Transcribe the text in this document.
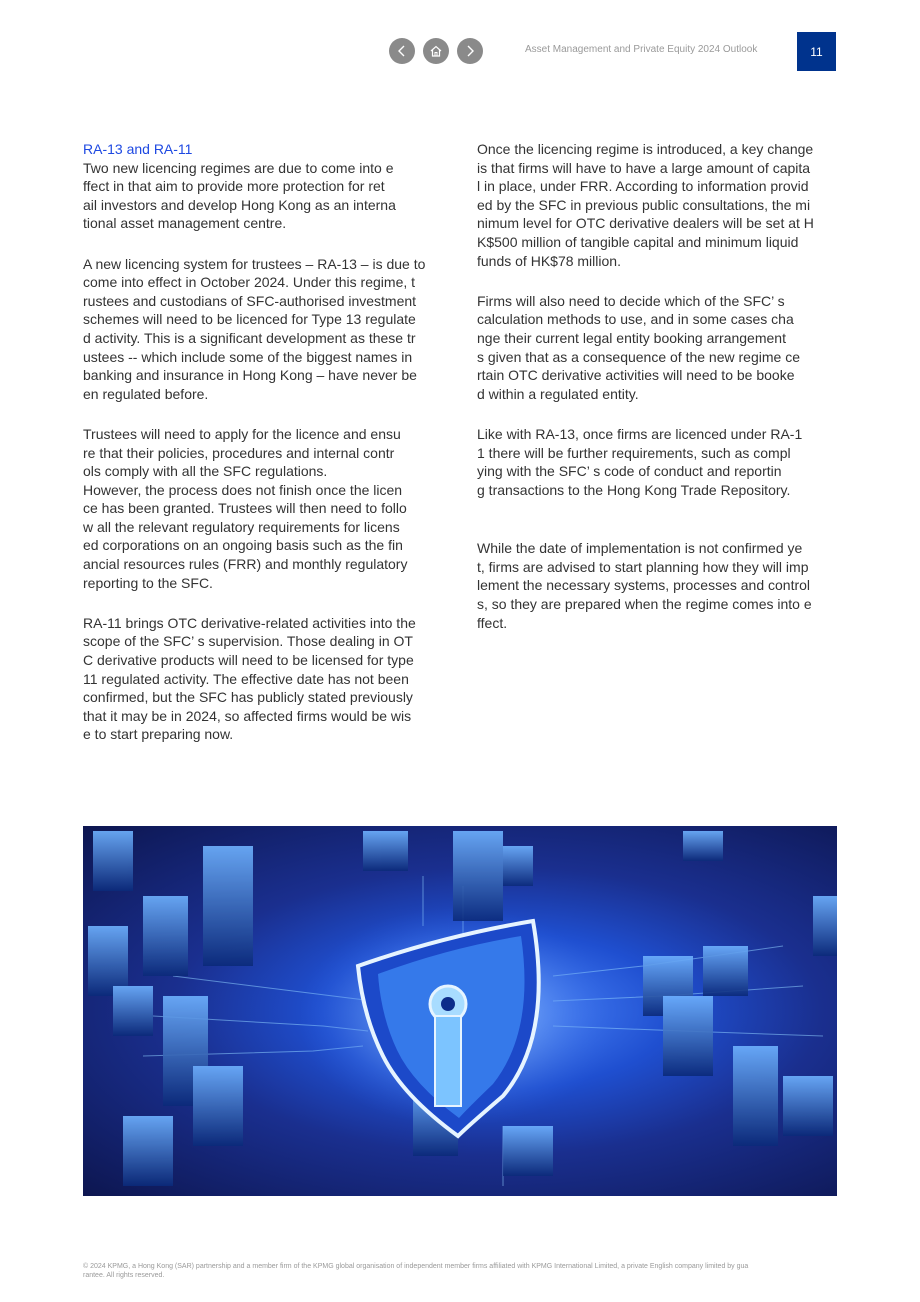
Asset Management and Private Equity 2024 Outlook	11

RA-13 and RA-11

Two new licencing regimes are due to come into e
ffect in that aim to provide more protection for ret
ail investors and develop Hong Kong as an interna
tional asset management centre.

A new licencing system for trustees – RA-13 – is due to
come into effect in October 2024. Under this regime, t
rustees and custodians of SFC-authorised investment
schemes will need to be licenced for Type 13 regulate
d activity. This is a significant development as these tr
ustees -- which include some of the biggest names in
banking and insurance in Hong Kong – have never be
en regulated before.

Trustees will need to apply for the licence and ensu
re that their policies, procedures and internal contr
ols comply with all the SFC regulations.
However, the process does not finish once the licen
ce has been granted. Trustees will then need to follo
w all the relevant regulatory requirements for licens
ed corporations on an ongoing basis such as the fin
ancial resources rules (FRR) and monthly regulatory
reporting to the SFC.

RA-11 brings OTC derivative-related activities into the
scope of the SFC’ s supervision. Those dealing in OT
C derivative products will need to be licensed for type
11 regulated activity. The effective date has not been
confirmed, but the SFC has publicly stated previously
that it may be in 2024, so affected firms would be wis
e to start preparing now.

Once the licencing regime is introduced, a key change
is that firms will have to have a large amount of capita
l in place, under FRR. According to information provid
ed by the SFC in previous public consultations, the mi
nimum level for OTC derivative dealers will be set at H
K$500 million of tangible capital and minimum liquid
funds of HK$78 million.

Firms will also need to decide which of the SFC’ s
calculation methods to use, and in some cases cha
nge their current legal entity booking arrangement
s given that as a consequence of the new regime ce
rtain OTC derivative activities will need to be booke
d within a regulated entity.

Like with RA-13, once firms are licenced under RA-1
1 there will be further requirements, such as compl
ying with the SFC’ s code of conduct and reportin
g transactions to the Hong Kong Trade Repository.

While the date of implementation is not confirmed ye
t, firms are advised to start planning how they will imp
lement the necessary systems, processes and control
s, so they are prepared when the regime comes into e
ffect.

© 2024 KPMG, a Hong Kong (SAR) partnership and a member firm of the KPMG global organisation of independent member firms affiliated with KPMG International Limited, a private English company limited by gua
rantee. All rights reserved.
